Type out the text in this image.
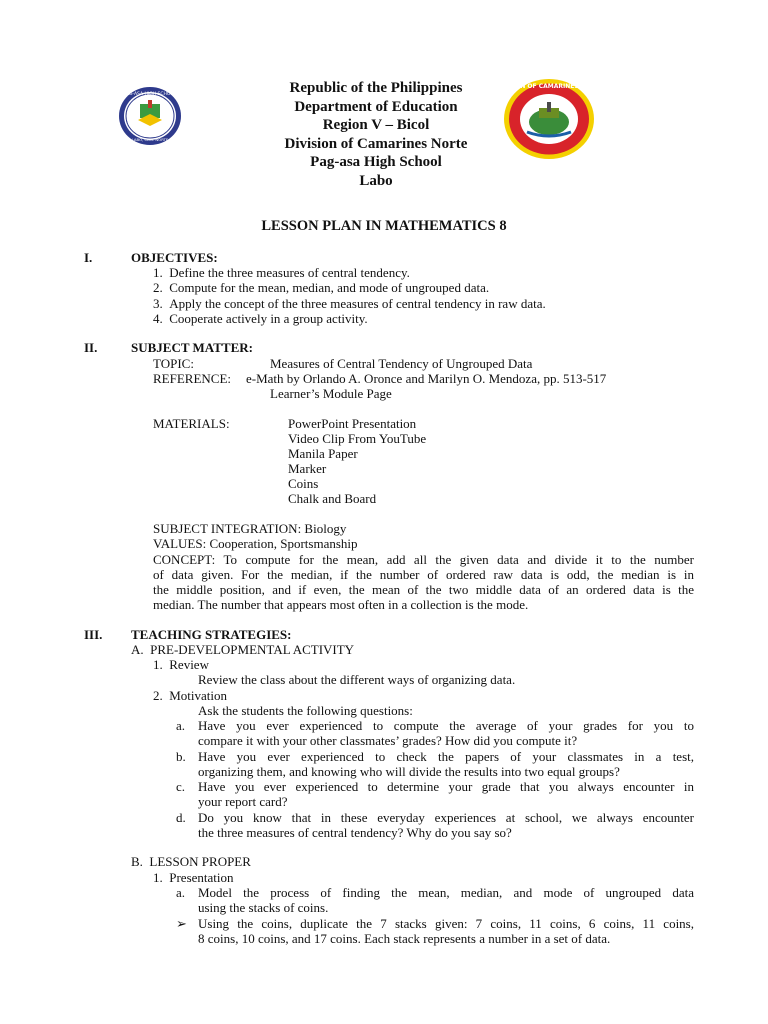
PAG-ASA HIGH SCHOOL
LABO, CAM. NORTE
DIVISION OF CAMARINES NORTE
Republic of the Philippines
Department of Education
Region V – Bicol
Division of Camarines Norte
Pag-asa High School
Labo
LESSON PLAN IN MATHEMATICS 8
I.	OBJECTIVES:
1.  Define the three measures of central tendency.
2.  Compute for the mean, median, and mode of ungrouped data.
3.  Apply the concept of the three measures of central tendency in raw data.
4.  Cooperate actively in a group activity.
II.	SUBJECT MATTER:
TOPIC:	Measures of Central Tendency of Ungrouped Data
REFERENCE: e-Math by Orlando A. Oronce and Marilyn O. Mendoza, pp. 513-517
Learner’s Module Page
MATERIALS:	PowerPoint Presentation
Video Clip From YouTube
Manila Paper
Marker
Coins
Chalk and Board
SUBJECT INTEGRATION: Biology
VALUES: Cooperation, Sportsmanship
CONCEPT: To compute for the mean, add all the given data and divide it to the number
of data given. For the median, if the number of ordered raw data is odd, the median is in
the middle position, and if even, the mean of the two middle data of an ordered data is the
median. The number that appears most often in a collection is the mode.
III. TEACHING STRATEGIES:
A.  PRE-DEVELOPMENTAL ACTIVITY
1.  Review
Review the class about the different ways of organizing data.
2.  Motivation
Ask the students the following questions:
a. Have you ever experienced to compute the average of your grades for you to
compare it with your other classmates’ grades? How did you compute it?
b. Have you ever experienced to check the papers of your classmates in a test,
organizing them, and knowing who will divide the results into two equal groups?
c. Have you ever experienced to determine your grade that you always encounter in
your report card?
d. Do you know that in these everyday experiences at school, we always encounter
the three measures of central tendency? Why do you say so?
B.  LESSON PROPER
1.  Presentation
a. Model the process of finding the mean, median, and mode of ungrouped data
using the stacks of coins.
➢ Using the coins, duplicate the 7 stacks given: 7 coins, 11 coins, 6 coins, 11 coins,
8 coins, 10 coins, and 17 coins. Each stack represents a number in a set of data.
